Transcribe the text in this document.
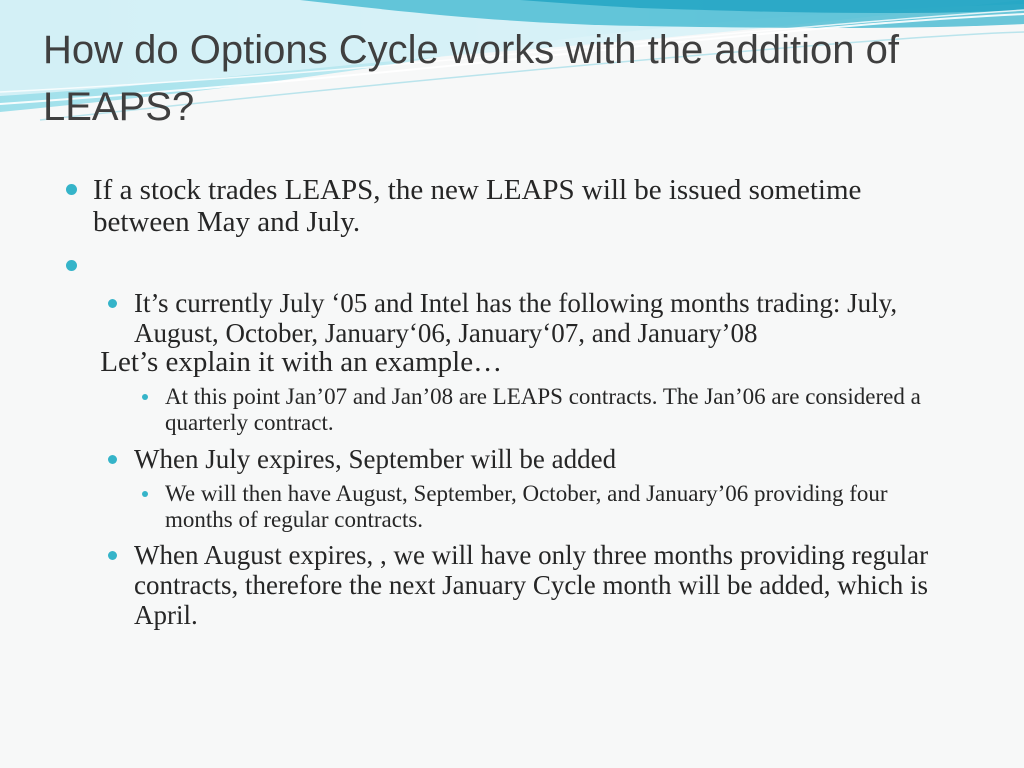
How do Options Cycle works with the addition of LEAPS?
If a stock trades LEAPS, the new LEAPS will be issued sometime between May and July.

Let’s explain it with an example…

It’s currently July ‘05 and Intel has the following months trading: July, August, October, January‘06, January‘07, and January’08
At this point Jan’07 and Jan’08 are LEAPS contracts. The Jan’06 are considered a quarterly contract.
When July expires, September will be added
We will then have August, September, October, and January’06 providing four months of regular contracts.
When August expires, , we will have only three months providing regular contracts, therefore the next January Cycle month will be added, which is April.
